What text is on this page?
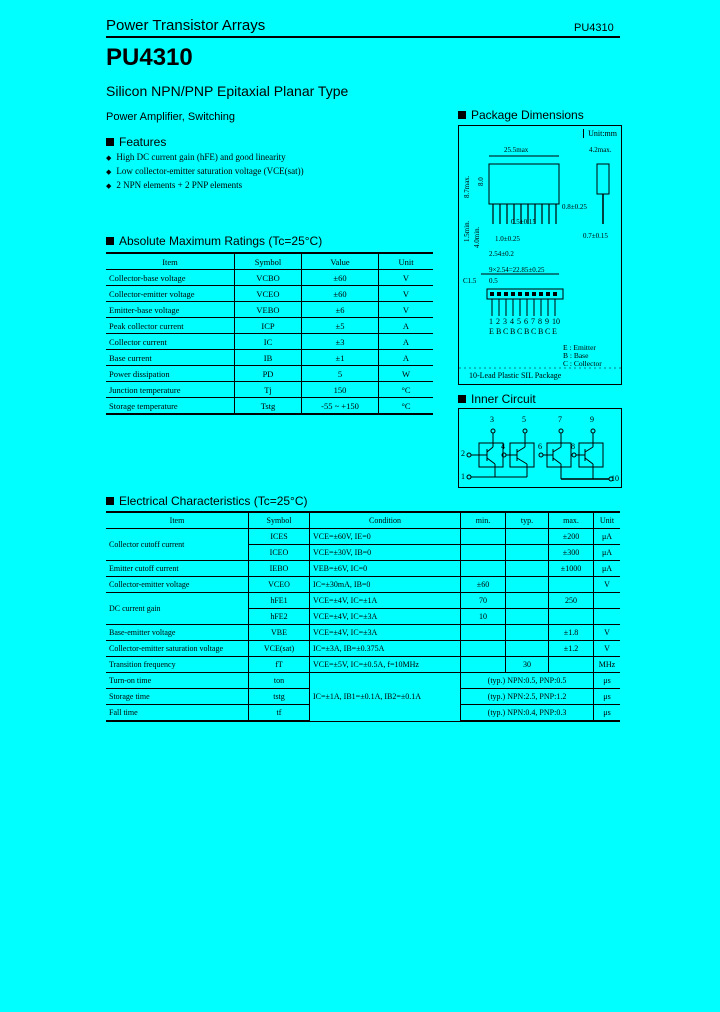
Power Transistor Arrays	PU4310
PU4310
Silicon NPN/PNP Epitaxial Planar Type
Power Amplifier, Switching
Features
◆ High DC current gain (hFE) and good linearity
◆ Low collector-emitter saturation voltage (VCE(sat))
◆ 2 NPN elements + 2 PNP elements
Absolute Maximum Ratings (Tc=25°C)
Item	Symbol	Value	Unit
Collector-base voltage	VCBO	±60	V
Collector-emitter voltage	VCEO	±60	V
Emitter-base voltage	VEBO	±6	V
Peak collector current	ICP	±5	A
Collector current	IC	±3	A
Base current	IB	±1	A
Power dissipation	PD	5	W
Junction temperature	Tj	150	°C
Storage temperature	Tstg	-55 ~ +150	°C
Package Dimensions
Unit:mm
25.5max	4.2max.
8.7max. 8.0
1.5min. 4.0min.
0.8±0.25
0.5±0.15
1.0±0.25	0.7±0.15
2.54±0.2
9×2.54=22.85±0.25
C1.5 0.5
1 2 3 4 5 6 7 8 9 10
E B C B C B C B C E
E : Emitter
B : Base
C : Collector
10-Lead Plastic SIL Package
Inner Circuit
3	5	7	9
2
4	6	8
1	10
Electrical Characteristics (Tc=25°C)
Item	Symbol	Condition	min.	typ.	max.	Unit
Collector cutoff current	ICES	VCE=±60V, IE=0			±200	μA
	ICEO	VCE=±30V, IB=0			±300	μA
Emitter cutoff current	IEBO	VEB=±6V, IC=0			±1000	μA
Collector-emitter voltage	VCEO	IC=±30mA, IB=0	±60			V
DC current gain	hFE1	VCE=±4V, IC=±1A	70		250	
	hFE2	VCE=±4V, IC=±3A	10			
Base-emitter voltage	VBE	VCE=±4V, IC=±3A			±1.8	V
Collector-emitter saturation voltage	VCE(sat)	IC=±3A, IB=±0.375A			±1.2	V
Transition frequency	fT	VCE=±5V, IC=±0.5A, f=10MHz		30		MHz
Turn-on time	ton	IC=±1A, IB1=±0.1A, IB2=±0.1A	(typ.) NPN:0.5, PNP:0.5			μs
Storage time	tstg		(typ.) NPN:2.5, PNP:1.2			μs
Fall time	tf		(typ.) NPN:0.4, PNP:0.3			μs
